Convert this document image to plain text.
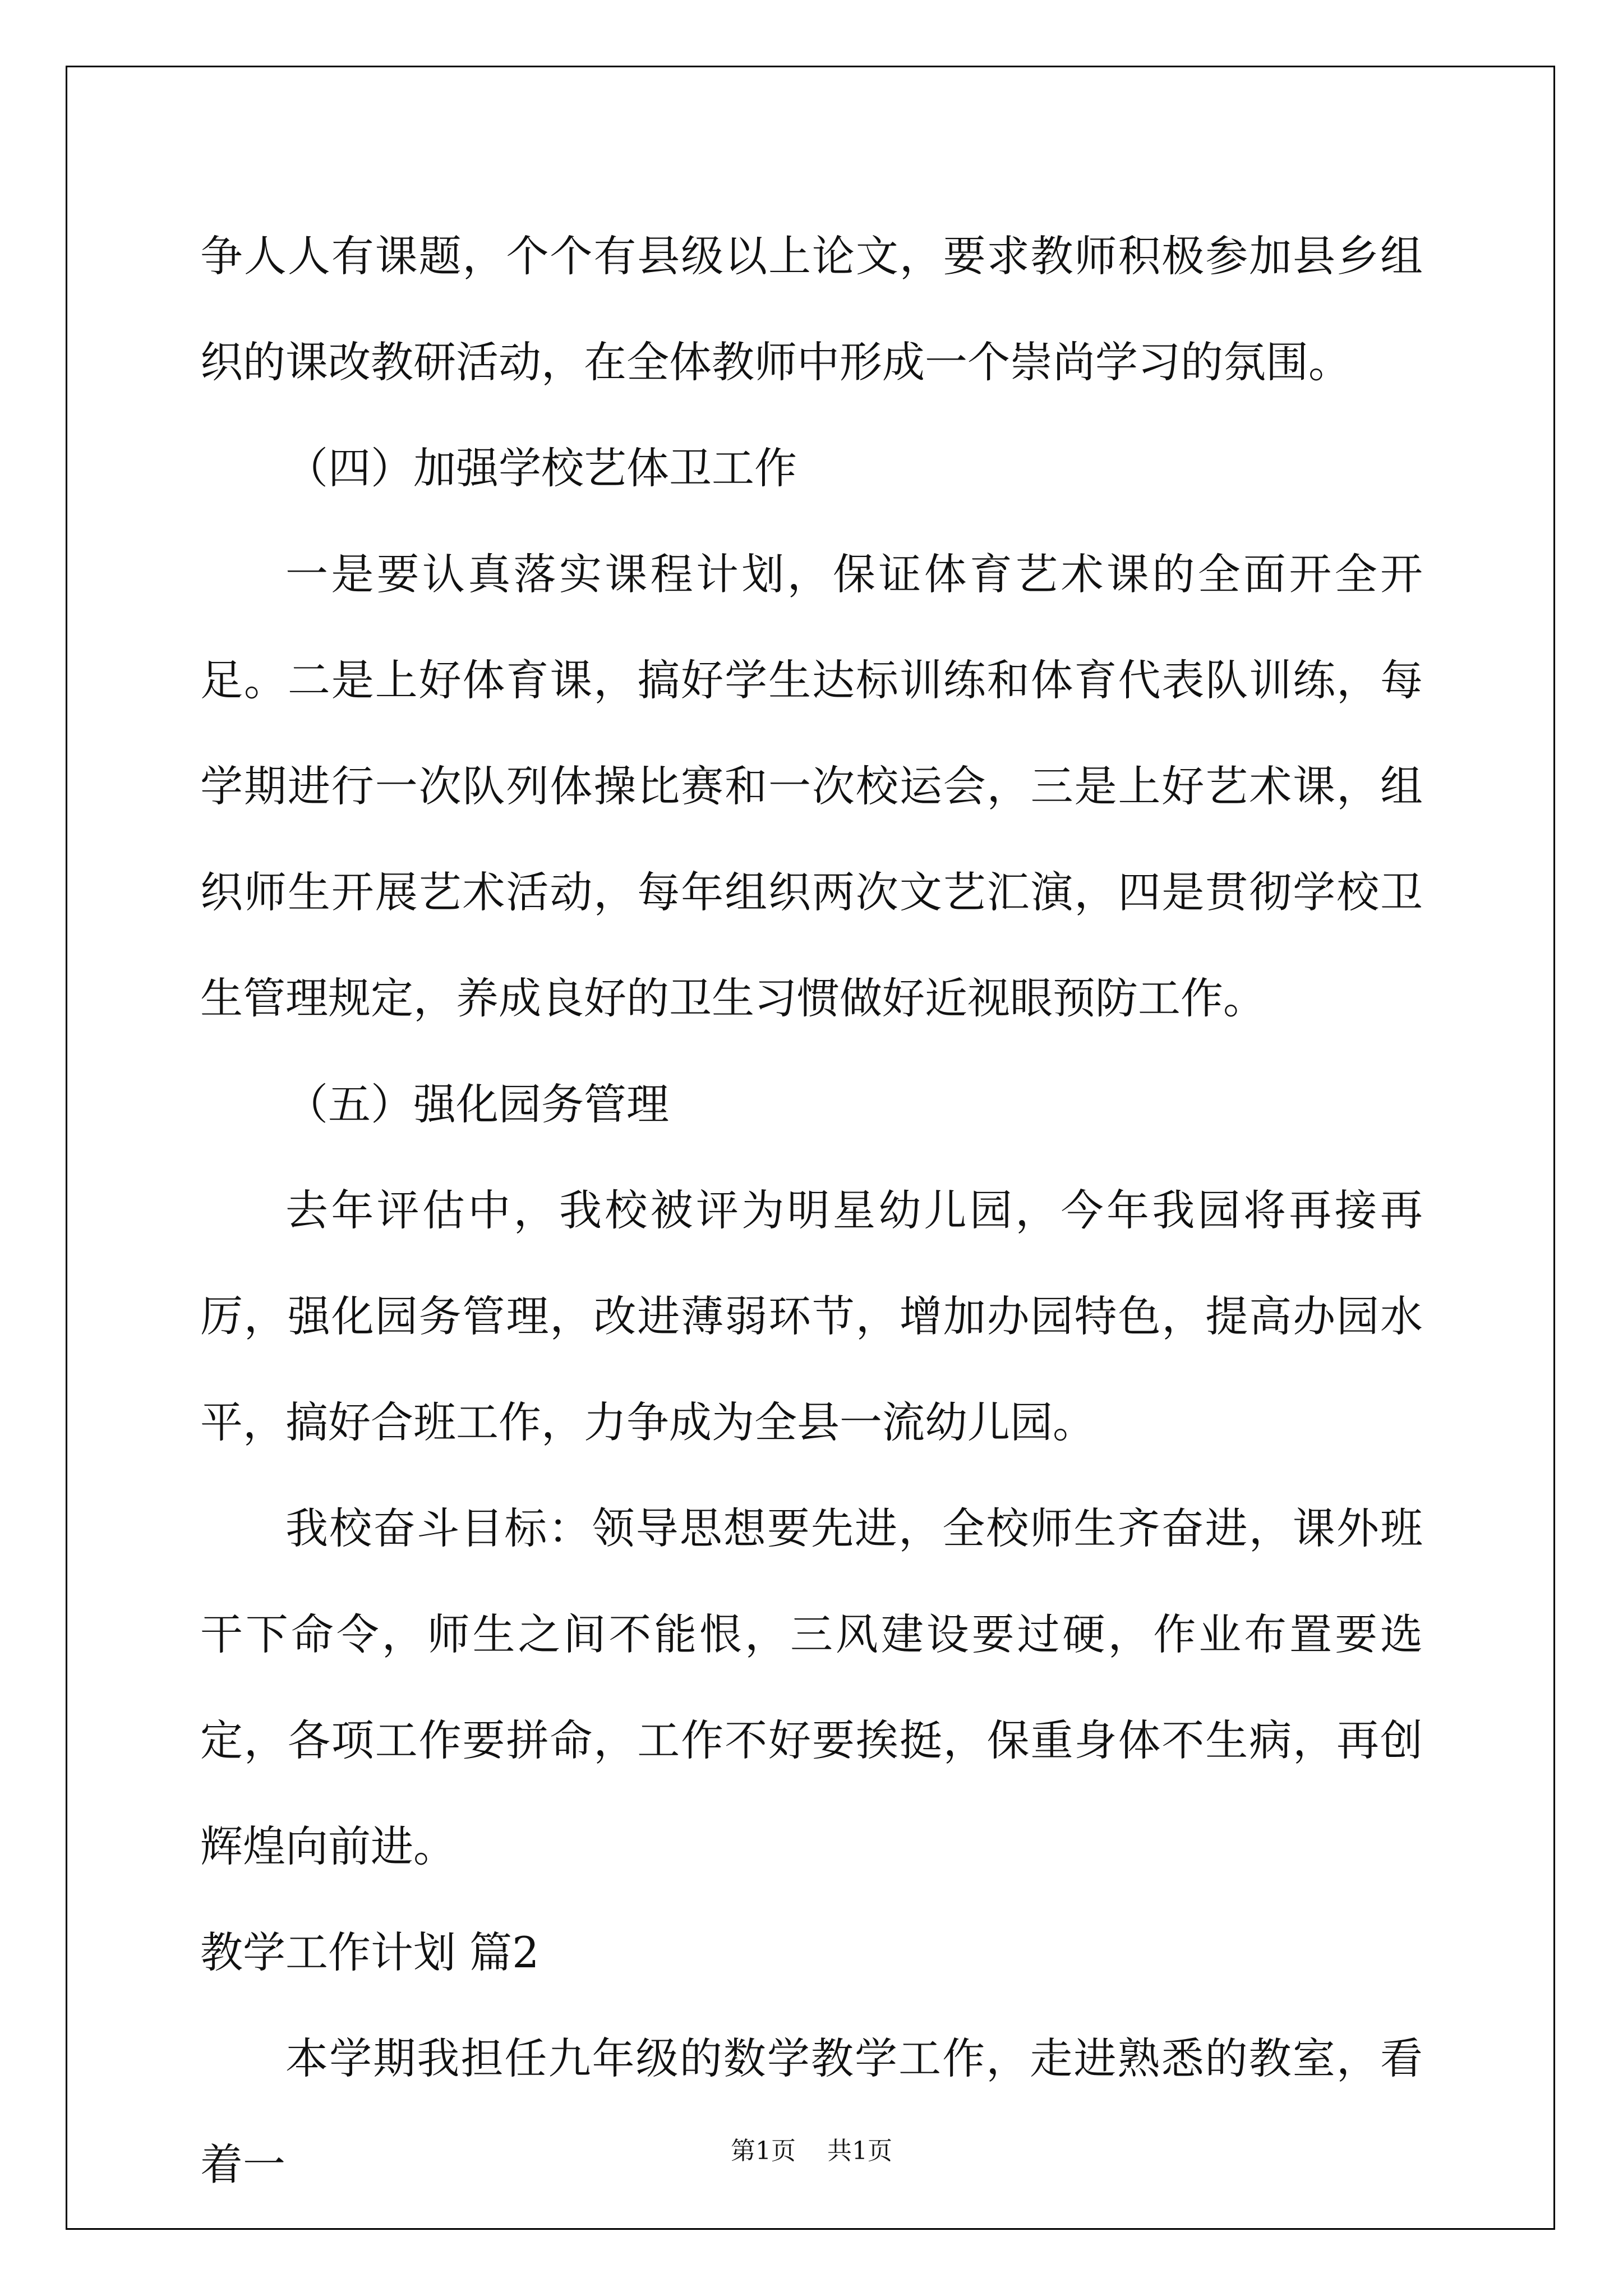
争人人有课题，个个有县级以上论文，要求教师积极参加县乡组织的课改教研活动，在全体教师中形成一个崇尚学习的氛围。

（四）加强学校艺体卫工作

一是要认真落实课程计划，保证体育艺术课的全面开全开足。二是上好体育课，搞好学生达标训练和体育代表队训练，每学期进行一次队列体操比赛和一次校运会，三是上好艺术课，组织师生开展艺术活动，每年组织两次文艺汇演，四是贯彻学校卫生管理规定，养成良好的卫生习惯做好近视眼预防工作。

（五）强化园务管理

去年评估中，我校被评为明星幼儿园，今年我园将再接再厉，强化园务管理，改进薄弱环节，增加办园特色，提高办园水平，搞好合班工作，力争成为全县一流幼儿园。

我校奋斗目标：领导思想要先进，全校师生齐奋进，课外班干下命令，师生之间不能恨，三风建设要过硬，作业布置要选定，各项工作要拼命，工作不好要挨挺，保重身体不生病，再创辉煌向前进。

教学工作计划 篇2

本学期我担任九年级的数学教学工作，走进熟悉的教室，看着一	第1页 共1页
